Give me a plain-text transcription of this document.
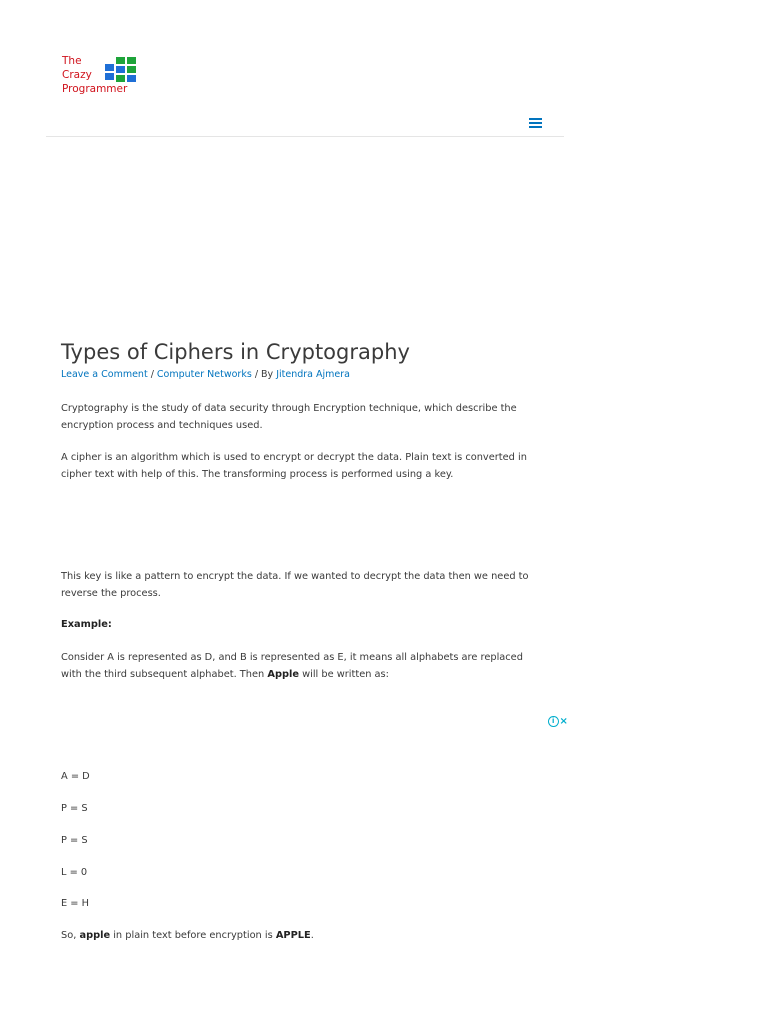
The
Crazy
Programmer
Types of Ciphers in Cryptography
Leave a Comment / Computer Networks / By Jitendra Ajmera

Cryptography is the study of data security through Encryption technique, which describe the encryption process and techniques used.

A cipher is an algorithm which is used to encrypt or decrypt the data. Plain text is converted in cipher text with help of this. The transforming process is performed using a key.

This key is like a pattern to encrypt the data. If we wanted to decrypt the data then we need to reverse the process.

Example:

Consider A is represented as D, and B is represented as E, it means all alphabets are replaced with the third subsequent alphabet. Then Apple will be written as:

i ×

A = D

P = S

P = S

L = 0

E = H

So, apple in plain text before encryption is APPLE.
